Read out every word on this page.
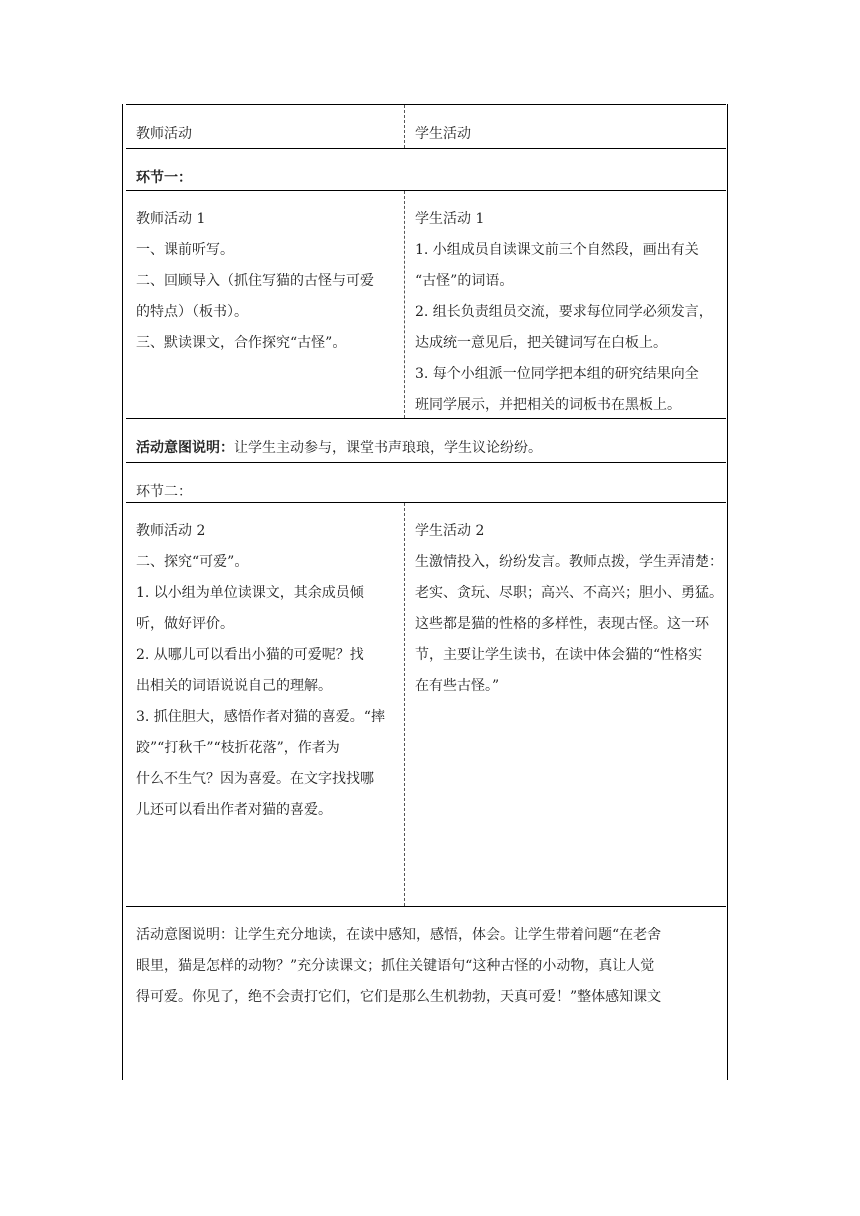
教师活动	学生活动
环节一：
教师活动 1
一、课前听写。
二、回顾导入（抓住写猫的古怪与可爱
的特点）（板书）。
三、默读课文，合作探究“古怪”。
学生活动 1
1. 小组成员自读课文前三个自然段，画出有关
“古怪”的词语。
2. 组长负责组员交流，要求每位同学必须发言，
达成统一意见后，把关键词写在白板上。
3. 每个小组派一位同学把本组的研究结果向全
班同学展示，并把相关的词板书在黑板上。
活动意图说明：让学生主动参与，课堂书声琅琅，学生议论纷纷。
环节二：
教师活动 2
二、探究“可爱”。
1. 以小组为单位读课文，其余成员倾
听，做好评价。
2. 从哪儿可以看出小猫的可爱呢？找
出相关的词语说说自己的理解。
3. 抓住胆大，感悟作者对猫的喜爱。“摔
跤”“打秋千”“枝折花落”，作者为
什么不生气？因为喜爱。在文字找找哪
儿还可以看出作者对猫的喜爱。
学生活动 2
生激情投入，纷纷发言。教师点拨，学生弄清楚：
老实、贪玩、尽职；高兴、不高兴；胆小、勇猛。
这些都是猫的性格的多样性，表现古怪。这一环
节，主要让学生读书，在读中体会猫的“性格实
在有些古怪。”
活动意图说明：让学生充分地读，在读中感知，感悟，体会。让学生带着问题“在老舍
眼里，猫是怎样的动物？”充分读课文；抓住关键语句“这种古怪的小动物，真让人觉
得可爱。你见了，绝不会责打它们，它们是那么生机勃勃，天真可爱！”整体感知课文
